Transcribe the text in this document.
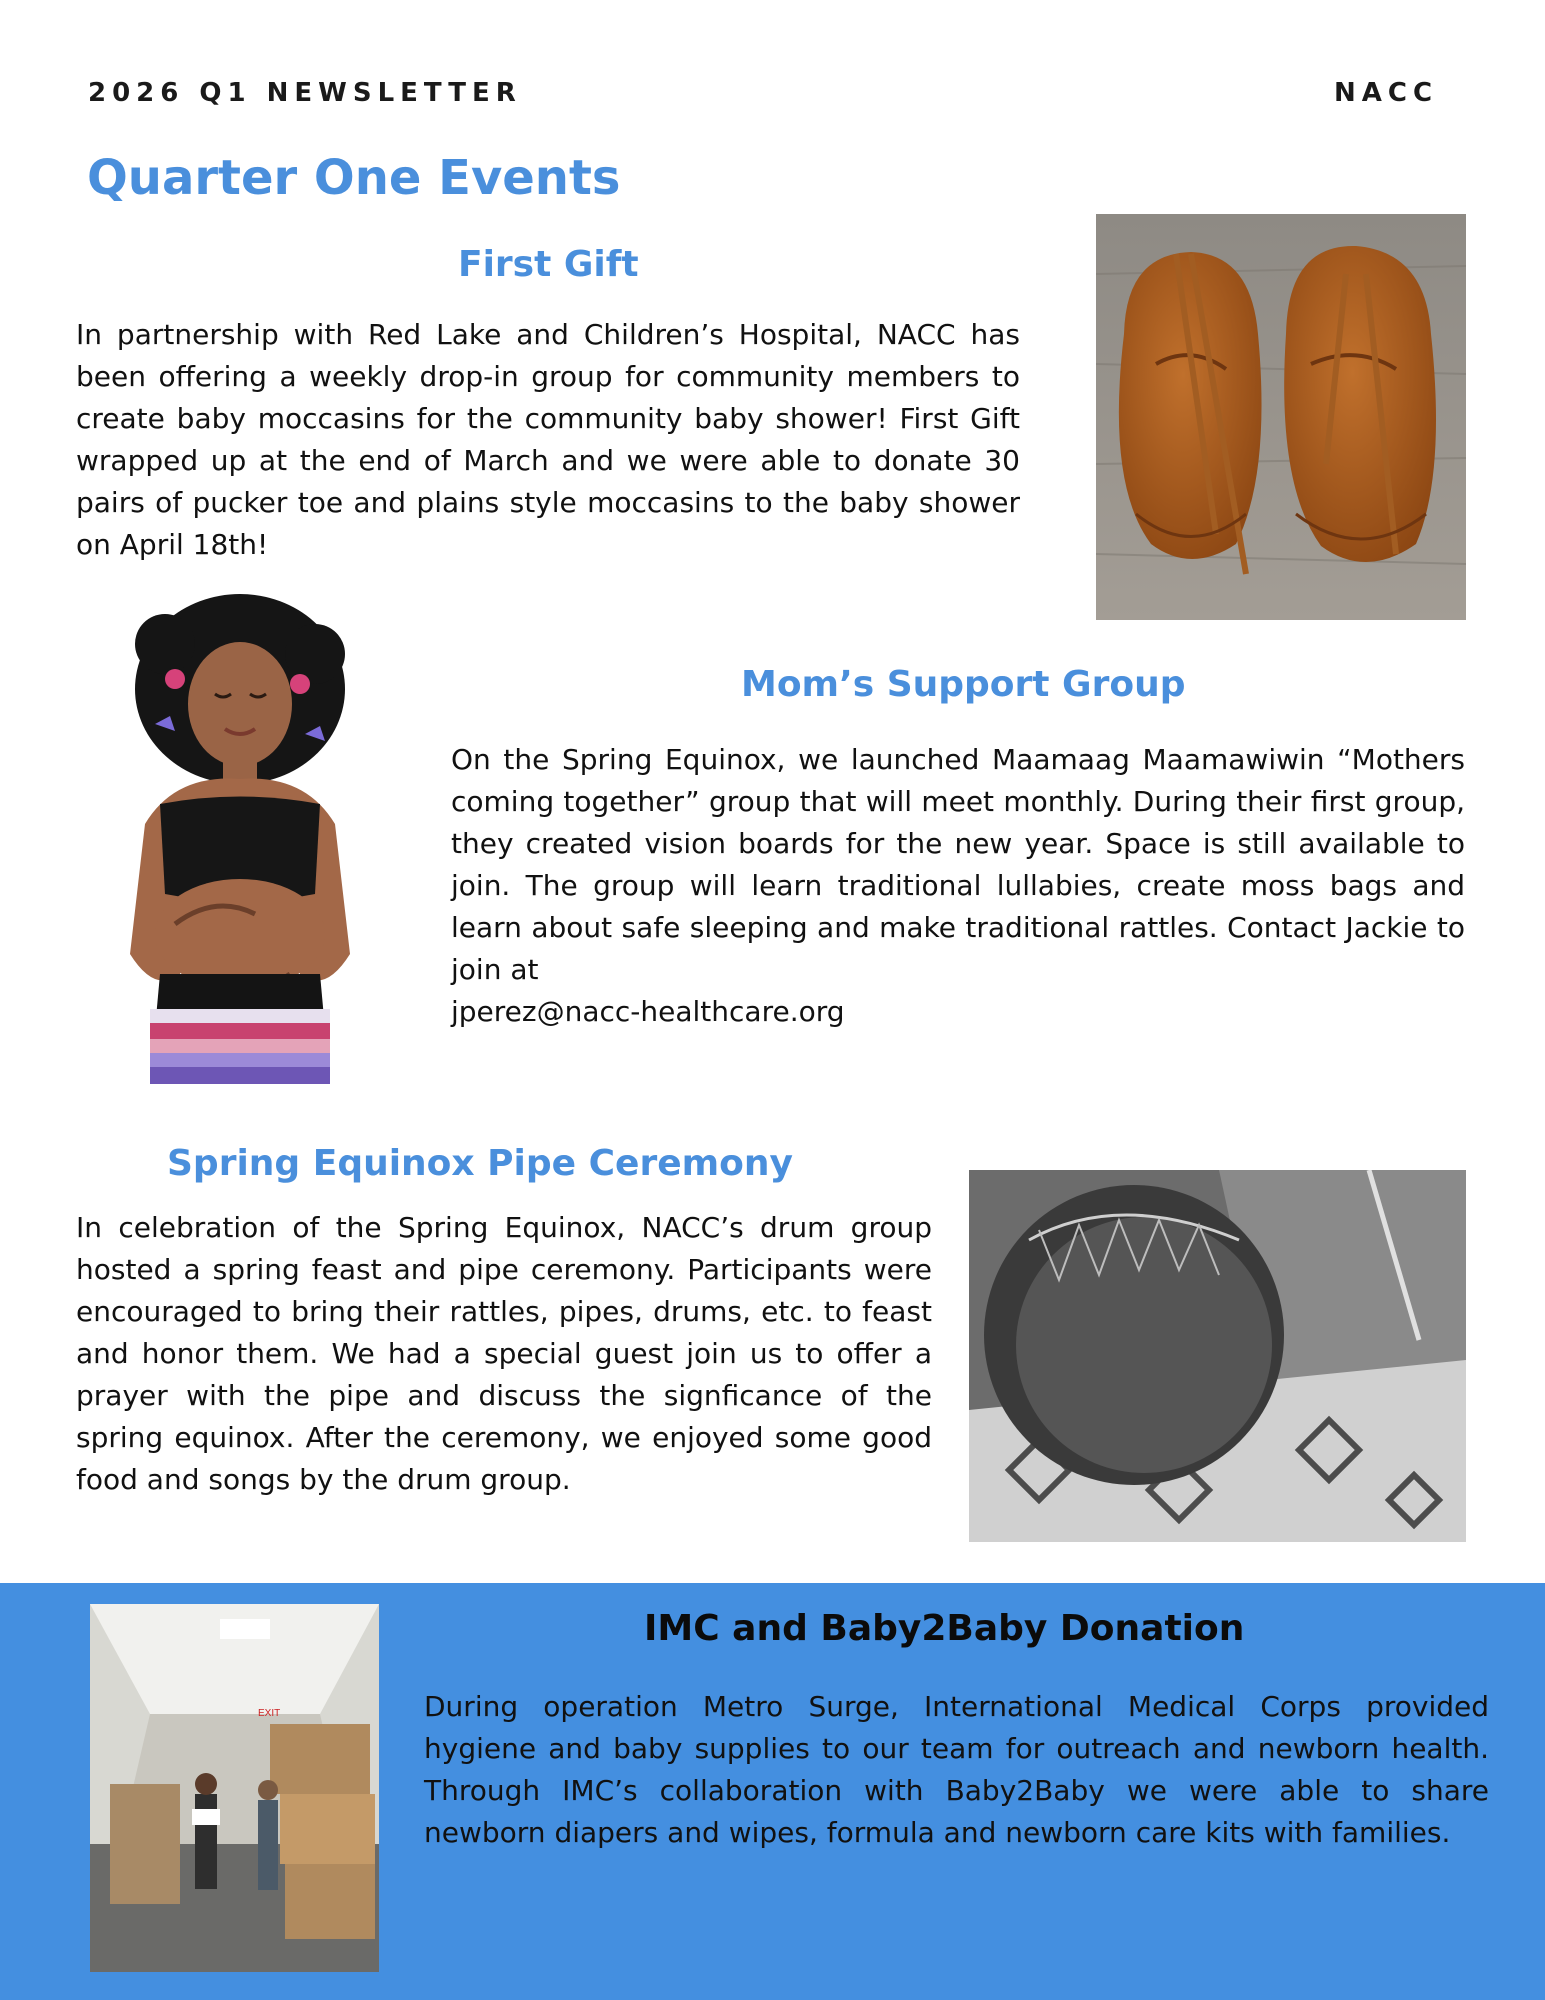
2026 Q1 NEWSLETTER	NACC
Quarter One Events
First Gift

In partnership with Red Lake and Children’s Hospital, NACC has been offering a weekly drop-in group for community members to create baby moccasins for the community baby shower! First Gift wrapped up at the end of March and we were able to donate 30 pairs of pucker toe and plains style moccasins to the baby shower on April 18th!

Mom’s Support Group

On the Spring Equinox, we launched Maamaag Maamawiwin “Mothers coming together” group that will meet monthly. During their first group, they created vision boards for the new year. Space is still available to join. The group will learn traditional lullabies, create moss bags and learn about safe sleeping and make traditional rattles. Contact Jackie to join at
jperez@nacc-healthcare.org

Spring Equinox Pipe Ceremony

In celebration of the Spring Equinox, NACC’s drum group hosted a spring feast and pipe ceremony. Participants were encouraged to bring their rattles, pipes, drums, etc. to feast and honor them. We had a special guest join us to offer a prayer with the pipe and discuss the signficance of the spring equinox. After the ceremony, we enjoyed some good food and songs by the drum group.

EXIT
IMC and Baby2Baby Donation

During operation Metro Surge, International Medical Corps provided hygiene and baby supplies to our team for outreach and newborn health. Through IMC’s collaboration with Baby2Baby we were able to share newborn diapers and wipes, formula and newborn care kits with families.
